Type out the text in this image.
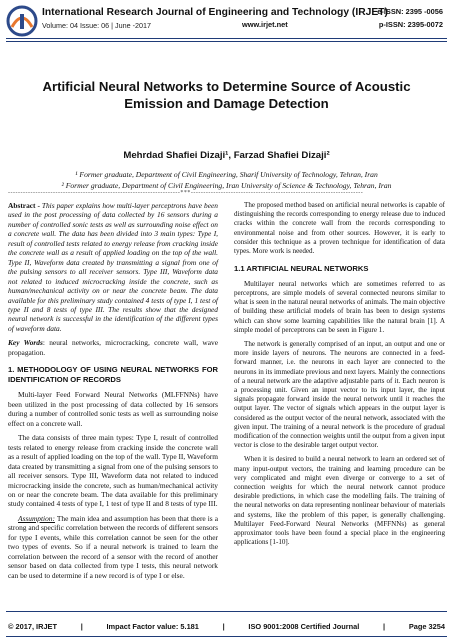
International Research Journal of Engineering and Technology (IRJET)
Volume: 04 Issue: 06 | June -2017	www.irjet.net
e-ISSN: 2395 -0056
p-ISSN: 2395-0072
Artificial Neural Networks to Determine Source of Acoustic Emission and Damage Detection
Mehrdad Shafiei Dizaji¹, Farzad Shafiei Dizaji²
¹ Former graduate, Department of Civil Engineering, Sharif University of Technology, Tehran, Iran
² Former graduate, Department of Civil Engineering, Iran University of Science & Technology, Tehran, Iran
---------------------------------------------------------------------***---------------------------------------------------------------------

Abstract - This paper explains how multi-layer perceptrons have been used in the post processing of data collected by 16 sensors during a number of controlled sonic tests as well as surrounding noise effect on a concrete wall. The data has been divided into 3 main types: Type I, result of controlled tests related to energy release from cracking inside the concrete wall as a result of applied loading on the top of the wall. Type II, Waveform data created by transmitting a signal from one of the pulsing sensors to all receiver sensors. Type III, Waveform data not related to induced microcracking inside the concrete, such as human/mechanical activity on or near the concrete beam. The data available for this preliminary study contained 4 tests of type I, 1 test of type II and 8 tests of type III. The results show that the designed neural network is successful in the identification of the different types of waveform data.

Key Words: neural networks, microcracking, concrete wall, wave propagation.

1. METHODOLOGY OF USING NEURAL NETWORKS FOR IDENTIFICATION OF RECORDS

Multi-layer Feed Forward Neural Networks (MLFFNNs) have been utilized in the post processing of data collected by 16 sensors during a number of controlled sonic tests as well as surrounding noise effect on a concrete wall.

The data consists of three main types: Type I, result of controlled tests related to energy release from cracking inside the concrete wall as a result of applied loading on the top of the wall. Type II, Waveform data created by transmitting a signal from one of the pulsing sensors to all receiver sensors. Type III, Waveform data not related to induced microcracking inside the concrete, such as human/mechanical activity on or near the concrete beam. The data available for this preliminary study contained 4 tests of type I, 1 test of type II and 8 tests of type III.

Assumption: The main idea and assumption has been that there is a strong and specific correlation between the records of different sensors for type I events, while this correlation cannot be seen for the other two types of events. So if a neural network is trained to learn the correlation between the record of a sensor with the record of another sensor based on data collected from type I tests, this neural network can be used to determine if a new record is of type I or else.

The proposed method based on artificial neural networks is capable of distinguishing the records corresponding to energy release due to induced cracks within the concrete wall from the records corresponding to environmental noise and from other sources. However, it is early to consider this technique as a proven technique for identification of data types. More work is needed.

1.1 ARTIFICIAL NEURAL NETWORKS

Multilayer neural networks which are sometimes referred to as perceptrons, are simple models of several connected neurons similar to what is seen in the natural neural networks of animals. The main objective of building these artificial models of brain has been to design systems which can show some learning capabilities like the natural brain [1]. A simple model of perceptrons can be seen in Figure 1.

The network is generally comprised of an input, an output and one or more inside layers of neurons. The neurons are connected in a feed-forward manner, i.e. the neurons in each layer are connected to the neurons in its immediate previous and next layers. Mainly the connections of a neural network are the adaptive adjustable parts of it. Each neuron is a processing unit. Given an input vector to its input layer, the input signals propagate forward inside the neural network until it reaches the output layer. The vector of signals which appears in the output layer is considered as the output vector of the neural network, associated with the given input. The training of a neural network is the procedure of gradual modification of the connection weights until the output from a given input vector is close to the desirable target output vector.

When it is desired to build a neural network to learn an ordered set of many input-output vectors, the training and learning procedure can be very complicated and might even diverge or converge to a set of connection weights for which the neural network cannot produce desirable predictions, in which case the modelling fails. The training of the neural networks on data representing nonlinear behaviour of materials and systems, like the problem of this paper, is generally challenging. Multilayer Feed-Forward Neural Networks (MFFNNs) as general approximator tools have been found a special place in the engineering applications [1-10].

© 2017, IRJET	|	Impact Factor value: 5.181	|	ISO 9001:2008 Certified Journal	|	Page 3254
